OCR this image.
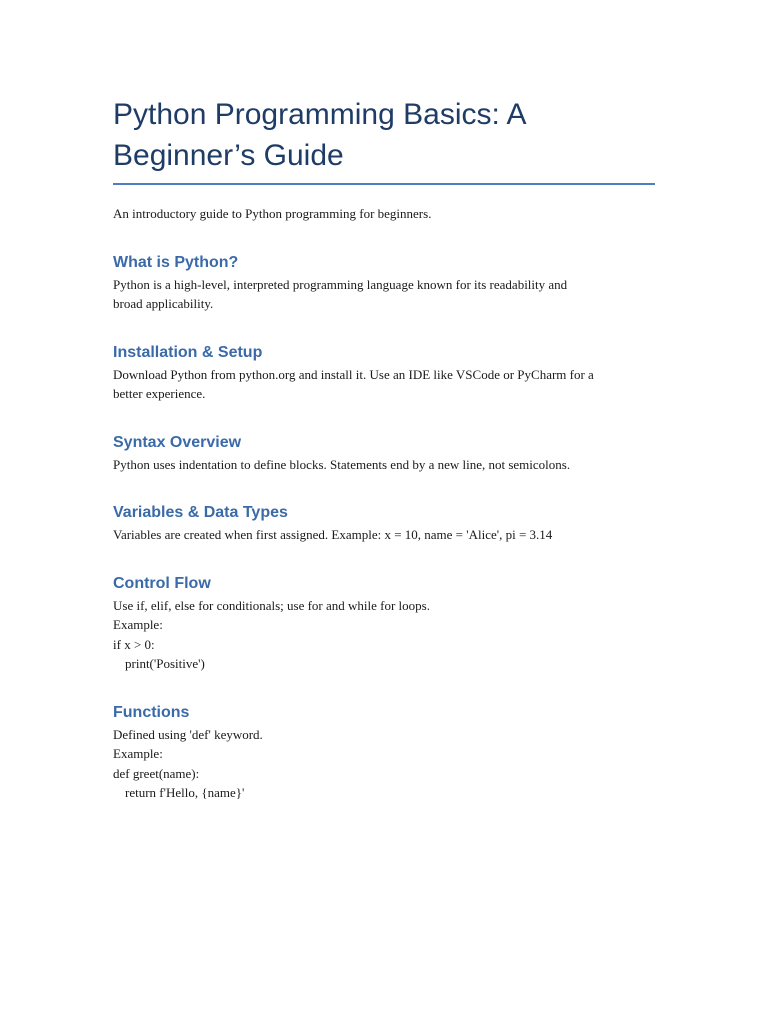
Python Programming Basics: A
Beginner’s Guide

An introductory guide to Python programming for beginners.

What is Python?

Python is a high-level, interpreted programming language known for its readability and

broad applicability.

Installation & Setup

Download Python from python.org and install it. Use an IDE like VSCode or PyCharm for a

better experience.

Syntax Overview

Python uses indentation to define blocks. Statements end by a new line, not semicolons.

Variables & Data Types

Variables are created when first assigned. Example: x = 10, name = 'Alice', pi = 3.14

Control Flow

Use if, elif, else for conditionals; use for and while for loops.

Example:

if x > 0:

print('Positive')

Functions

Defined using 'def' keyword.

Example:

def greet(name):

return f'Hello, {name}'
